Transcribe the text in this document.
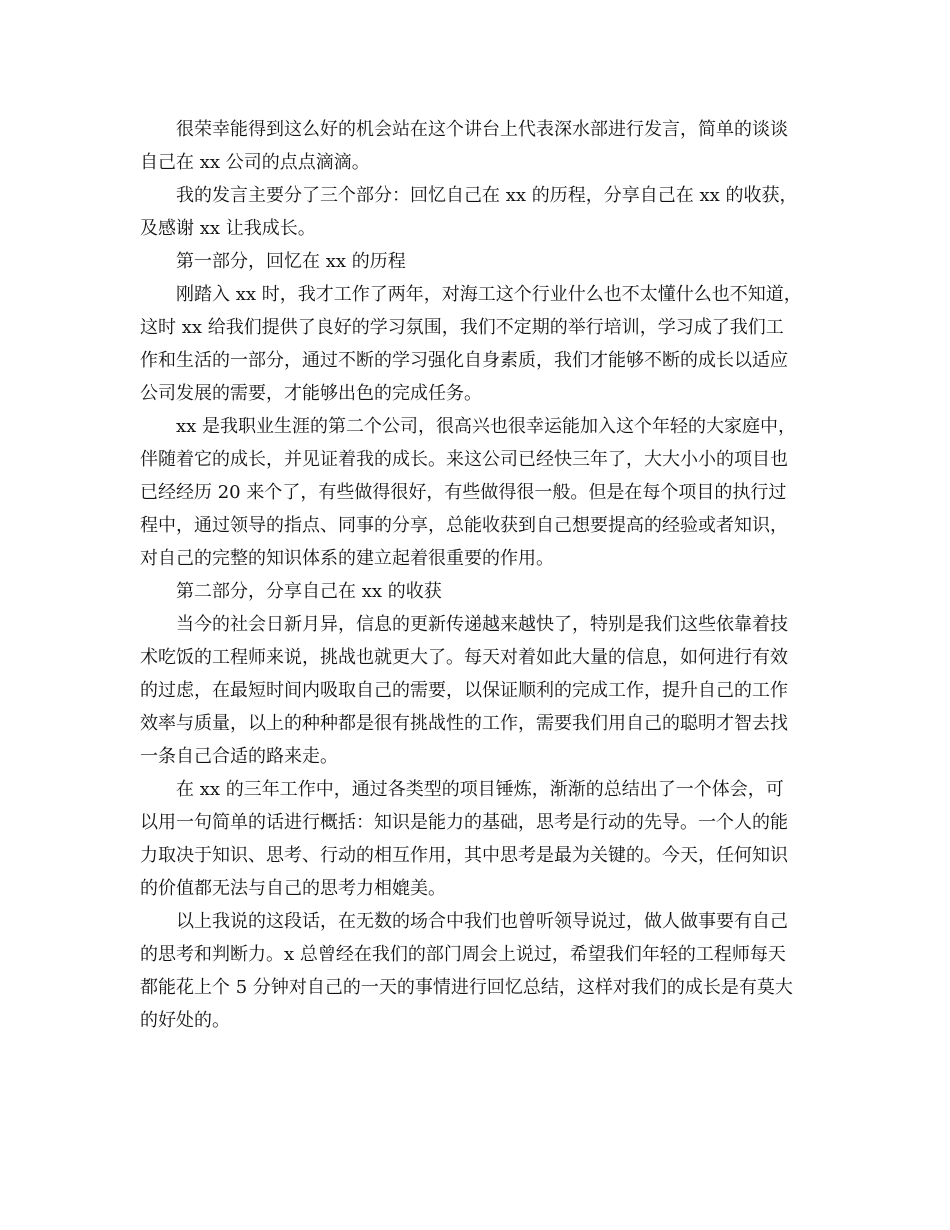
很荣幸能得到这么好的机会站在这个讲台上代表深水部进行发言，简单的谈谈
自己在 xx 公司的点点滴滴。

我的发言主要分了三个部分：回忆自己在 xx 的历程，分享自己在 xx 的收获，
及感谢 xx 让我成长。

第一部分，回忆在 xx 的历程

刚踏入 xx 时，我才工作了两年，对海工这个行业什么也不太懂什么也不知道，
这时 xx 给我们提供了良好的学习氛围，我们不定期的举行培训，学习成了我们工
作和生活的一部分，通过不断的学习强化自身素质，我们才能够不断的成长以适应
公司发展的需要，才能够出色的完成任务。

xx 是我职业生涯的第二个公司，很高兴也很幸运能加入这个年轻的大家庭中，
伴随着它的成长，并见证着我的成长。来这公司已经快三年了，大大小小的项目也
已经经历 20 来个了，有些做得很好，有些做得很一般。但是在每个项目的执行过
程中，通过领导的指点、同事的分享，总能收获到自己想要提高的经验或者知识，
对自己的完整的知识体系的建立起着很重要的作用。

第二部分，分享自己在 xx 的收获

当今的社会日新月异，信息的更新传递越来越快了，特别是我们这些依靠着技
术吃饭的工程师来说，挑战也就更大了。每天对着如此大量的信息，如何进行有效
的过虑，在最短时间内吸取自己的需要，以保证顺利的完成工作，提升自己的工作
效率与质量，以上的种种都是很有挑战性的工作，需要我们用自己的聪明才智去找
一条自己合适的路来走。

在 xx 的三年工作中，通过各类型的项目锤炼，渐渐的总结出了一个体会，可
以用一句简单的话进行概括：知识是能力的基础，思考是行动的先导。一个人的能
力取决于知识、思考、行动的相互作用，其中思考是最为关键的。今天，任何知识
的价值都无法与自己的思考力相媲美。

以上我说的这段话，在无数的场合中我们也曾听领导说过，做人做事要有自己
的思考和判断力。x 总曾经在我们的部门周会上说过，希望我们年轻的工程师每天
都能花上个 5 分钟对自己的一天的事情进行回忆总结，这样对我们的成长是有莫大
的好处的。
